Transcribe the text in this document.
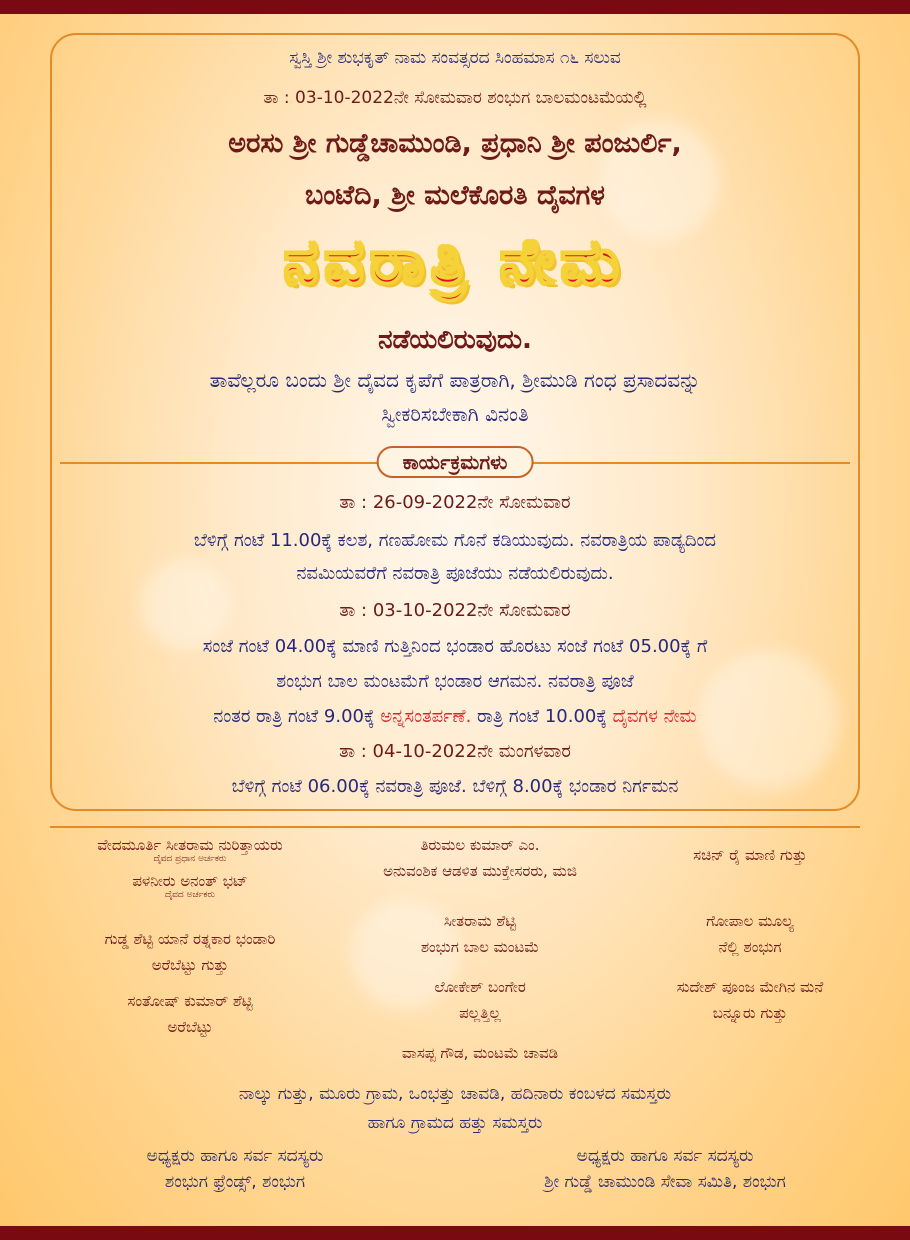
ಸ್ವಸ್ತಿ ಶ್ರೀ ಶುಭಕೃತ್ ನಾಮ ಸಂವತ್ಸರದ ಸಿಂಹಮಾಸ ೧೬ ಸಲುವ
ತಾ : 03-10-2022ನೇ ಸೋಮವಾರ ಶಂಭುಗ ಬಾಲಮಂಟಮೆಯಲ್ಲಿ
ಅರಸು ಶ್ರೀ ಗುಡ್ಡೆಚಾಮುಂಡಿ, ಪ್ರಧಾನಿ ಶ್ರೀ ಪಂಜುರ್ಲಿ,
ಬಂಟೆದಿ, ಶ್ರೀ ಮಲೆಕೊರತಿ ದೈವಗಳ
ನವರಾತ್ರಿ ನೇಮ
ನಡೆಯಲಿರುವುದು.
ತಾವೆಲ್ಲರೂ ಬಂದು ಶ್ರೀ ದೈವದ ಕೃಪೆಗೆ ಪಾತ್ರರಾಗಿ, ಶ್ರೀಮುಡಿ ಗಂಧ ಪ್ರಸಾದವನ್ನು
ಸ್ವೀಕರಿಸಬೇಕಾಗಿ ವಿನಂತಿ
ಕಾರ್ಯಕ್ರಮಗಳು
ತಾ : 26-09-2022ನೇ ಸೋಮವಾರ
ಬೆಳಿಗ್ಗೆ ಗಂಟೆ 11.00ಕ್ಕೆ ಕಲಶ, ಗಣಹೋಮ ಗೊನೆ ಕಡಿಯುವುದು. ನವರಾತ್ರಿಯ ಪಾಡ್ಯದಿಂದ
ನವಮಿಯವರೆಗೆ ನವರಾತ್ರಿ ಪೂಜೆಯು ನಡೆಯಲಿರುವುದು.
ತಾ : 03-10-2022ನೇ ಸೋಮವಾರ
ಸಂಜೆ ಗಂಟೆ 04.00ಕ್ಕೆ ಮಾಣಿ ಗುತ್ತಿನಿಂದ ಭಂಡಾರ ಹೊರಟು ಸಂಜೆ ಗಂಟೆ 05.00ಕ್ಕೆ ಗೆ
ಶಂಭುಗ ಬಾಲ ಮಂಟಮೆಗೆ ಭಂಡಾರ ಆಗಮನ. ನವರಾತ್ರಿ ಪೂಜೆ
ನಂತರ ರಾತ್ರಿ ಗಂಟೆ 9.00ಕ್ಕೆ ಅನ್ನಸಂತರ್ಪಣೆ. ರಾತ್ರಿ ಗಂಟೆ 10.00ಕ್ಕೆ ದೈವಗಳ ನೇಮ
ತಾ : 04-10-2022ನೇ ಮಂಗಳವಾರ
ಬೆಳಿಗ್ಗೆ ಗಂಟೆ 06.00ಕ್ಕೆ ನವರಾತ್ರಿ ಪೂಜೆ. ಬೆಳಿಗ್ಗೆ 8.00ಕ್ಕೆ ಭಂಡಾರ ನಿರ್ಗಮನ
ವೇದಮೂರ್ತಿ ಸೀತರಾಮ ನುರಿತ್ತಾಯರು
ದೈವದ ಪ್ರಧಾನ ಅರ್ಚಕರು
ಪಳನೀರು ಅನಂತ್ ಭಟ್
ದೈವದ ಅರ್ಚಕರು
ಗುಡ್ಡ ಶೆಟ್ಟಿ ಯಾನೆ ರತ್ನಕಾರ ಭಂಡಾರಿ
ಅರೆಬೆಟ್ಟು ಗುತ್ತು
ಸಂತೋಷ್ ಕುಮಾರ್ ಶೆಟ್ಟಿ
ಅರೆಬೆಟ್ಟು
ತಿರುಮಲ ಕುಮಾರ್ ಎಂ.
ಅನುವಂಶಿಕ ಆಡಳಿತ ಮುಕ್ತೇಸರರು, ಮಜಿ
ಸೀತರಾಮ ಶೆಟ್ಟಿ
ಶಂಭುಗ ಬಾಲ ಮಂಟಮೆ
ಲೋಕೇಶ್ ಬಂಗೇರ
ಪಲ್ಲತ್ತಿಲ್ಲ
ವಾಸಪ್ಪ ಗೌಡ, ಮಂಟಮೆ ಚಾವಡಿ
ಸಚಿನ್ ರೈ ಮಾಣಿ ಗುತ್ತು
ಗೋಪಾಲ ಮೂಲ್ಯ
ನೆಲ್ಲಿ ಶಂಭುಗ
ಸುದೇಶ್ ಪೂಂಜ ಮೇಗಿನ ಮನೆ
ಬನ್ನೂರು ಗುತ್ತು
ನಾಲ್ಕು ಗುತ್ತು, ಮೂರು ಗ್ರಾಮ, ಒಂಭತ್ತು ಚಾವಡಿ, ಹದಿನಾರು ಕಂಬಳದ ಸಮಸ್ತರು
ಹಾಗೂ ಗ್ರಾಮದ ಹತ್ತು ಸಮಸ್ತರು
ಅಧ್ಯಕ್ಷರು ಹಾಗೂ ಸರ್ವ ಸದಸ್ಯರು
ಶಂಭುಗ ಫ್ರೆಂಡ್ಸ್, ಶಂಭುಗ
ಅಧ್ಯಕ್ಷರು ಹಾಗೂ ಸರ್ವ ಸದಸ್ಯರು
ಶ್ರೀ ಗುಡ್ಡೆ ಚಾಮುಂಡಿ ಸೇವಾ ಸಮಿತಿ, ಶಂಭುಗ
